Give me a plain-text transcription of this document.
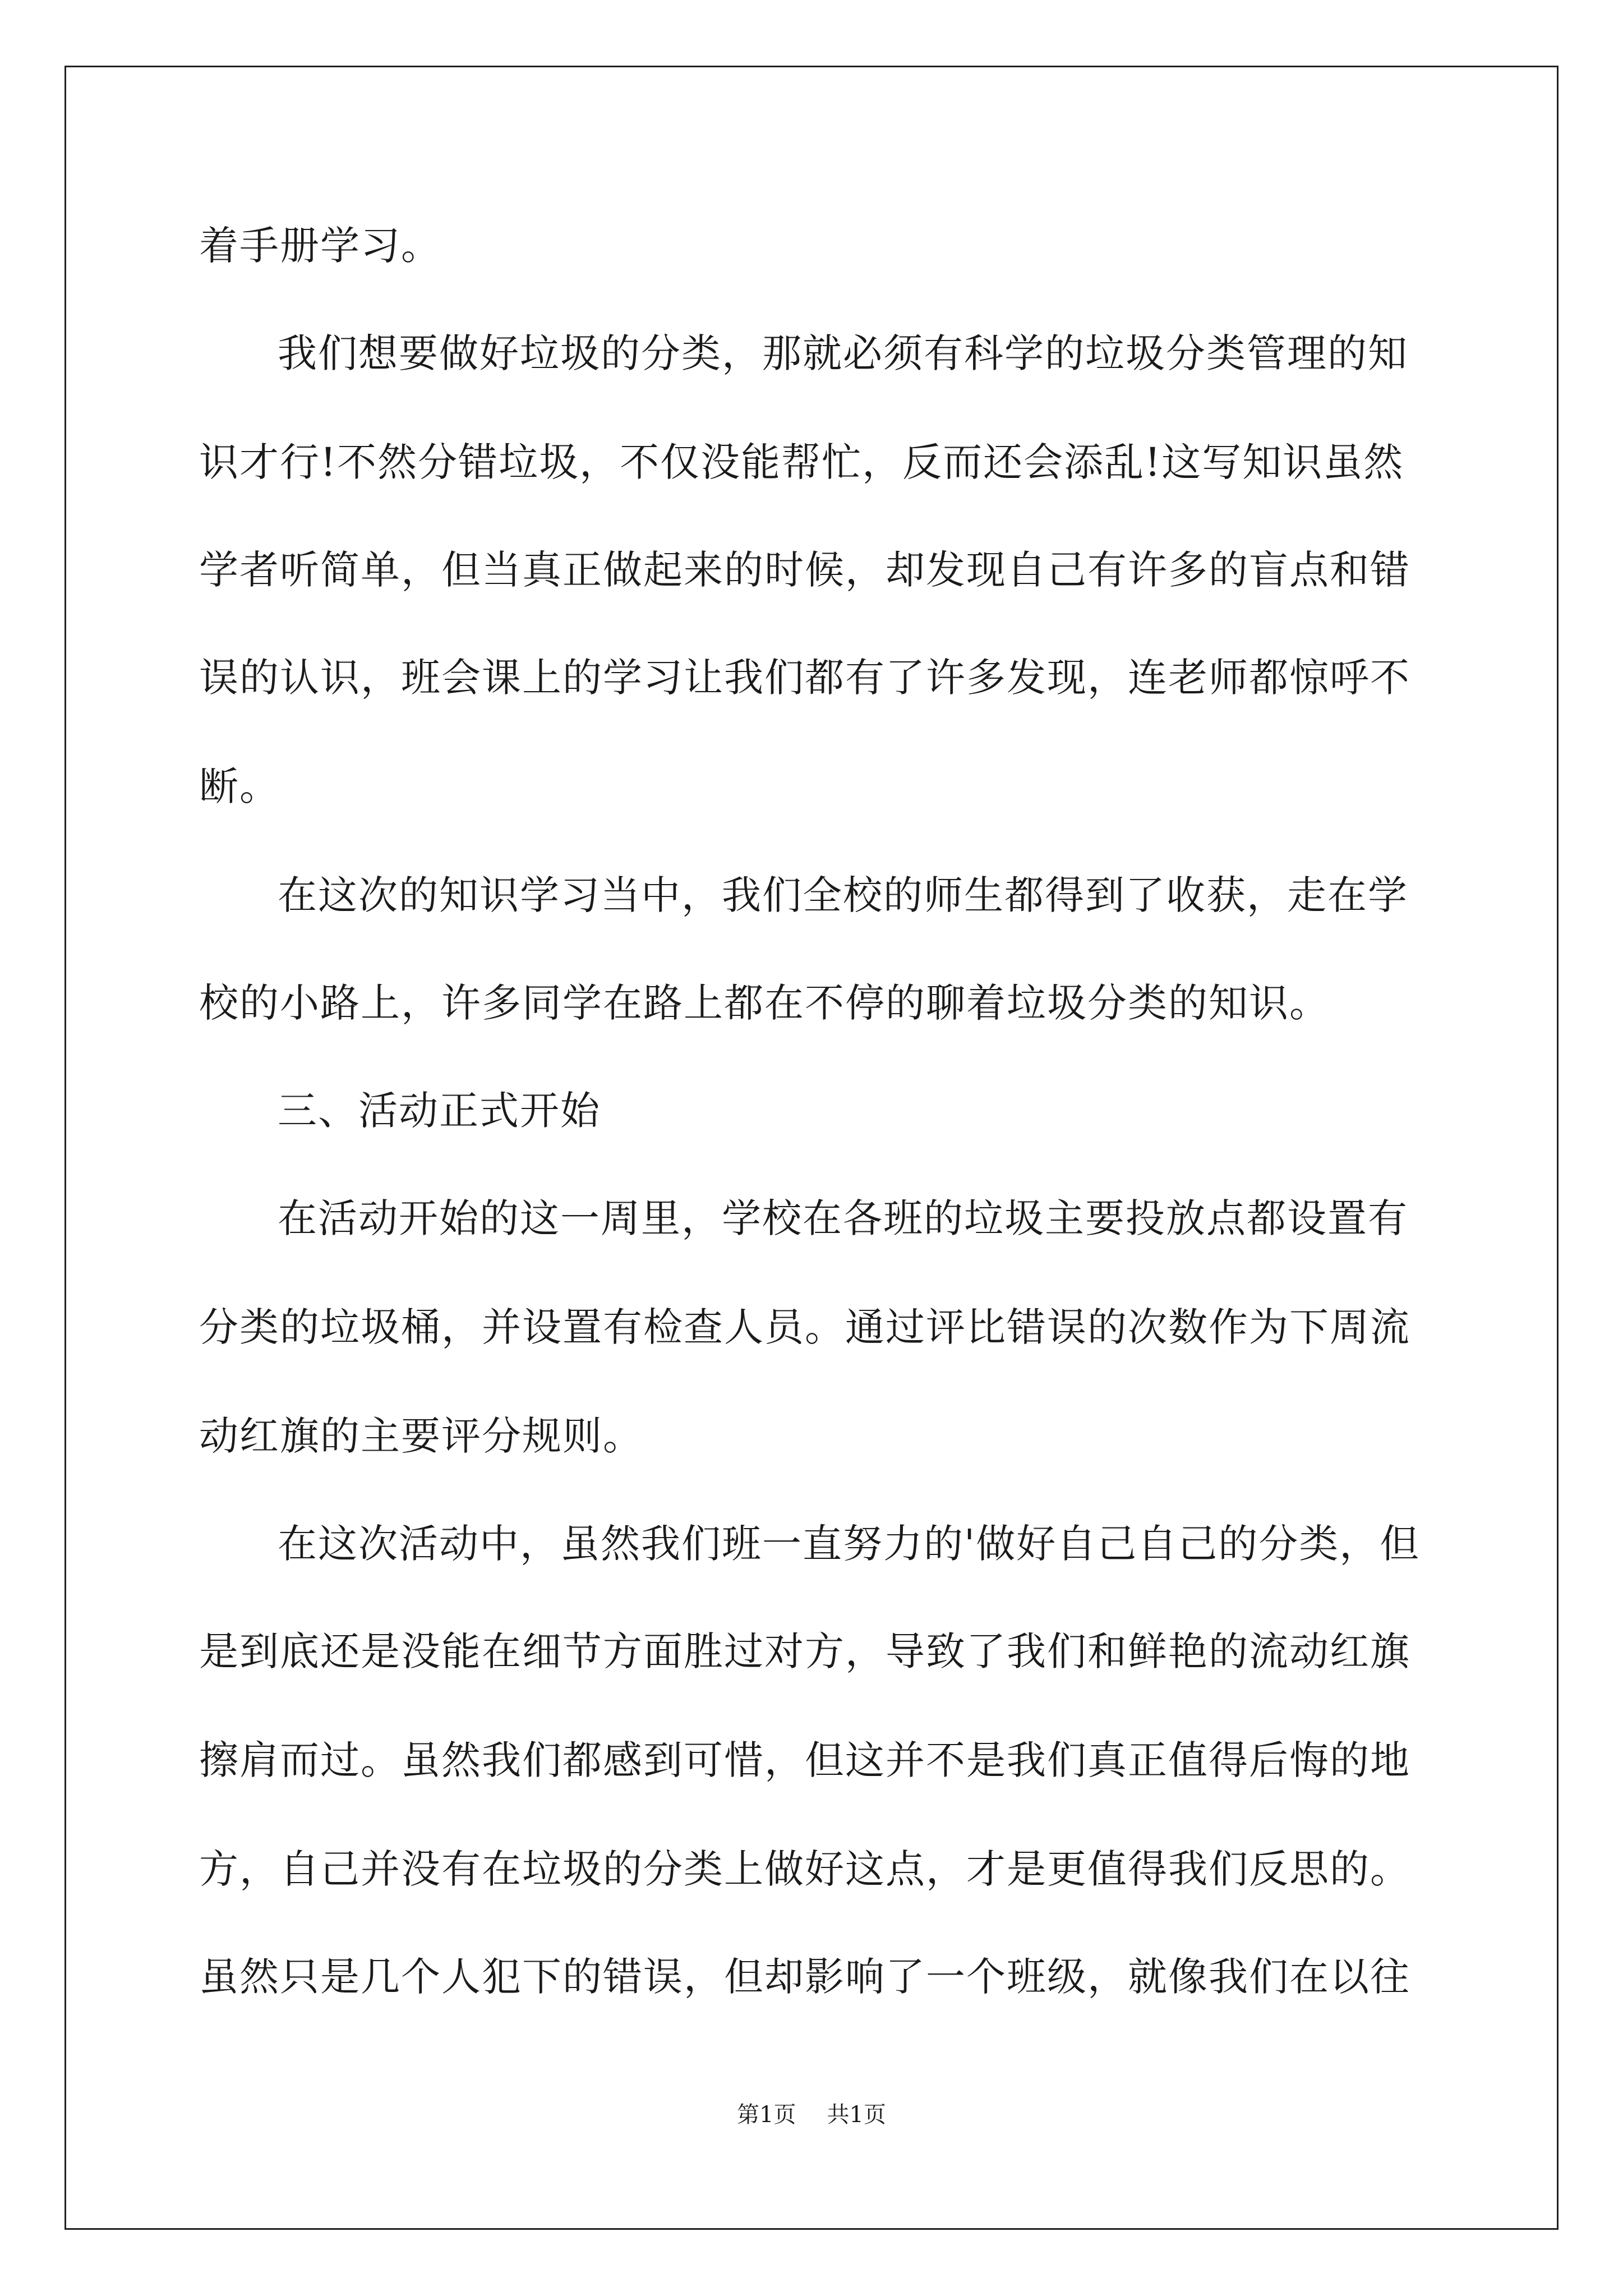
着手册学习。
我们想要做好垃圾的分类，那就必须有科学的垃圾分类管理的知
识才行!不然分错垃圾，不仅没能帮忙，反而还会添乱!这写知识虽然
学者听简单，但当真正做起来的时候，却发现自己有许多的盲点和错
误的认识，班会课上的学习让我们都有了许多发现，连老师都惊呼不
断。
在这次的知识学习当中，我们全校的师生都得到了收获，走在学
校的小路上，许多同学在路上都在不停的聊着垃圾分类的知识。
三、活动正式开始
在活动开始的这一周里，学校在各班的垃圾主要投放点都设置有
分类的垃圾桶，并设置有检查人员。通过评比错误的次数作为下周流
动红旗的主要评分规则。
在这次活动中，虽然我们班一直努力的'做好自己自己的分类，但
是到底还是没能在细节方面胜过对方，导致了我们和鲜艳的流动红旗
擦肩而过。虽然我们都感到可惜，但这并不是我们真正值得后悔的地
方，自己并没有在垃圾的分类上做好这点，才是更值得我们反思的。
虽然只是几个人犯下的错误，但却影响了一个班级，就像我们在以往
第1页 共1页
